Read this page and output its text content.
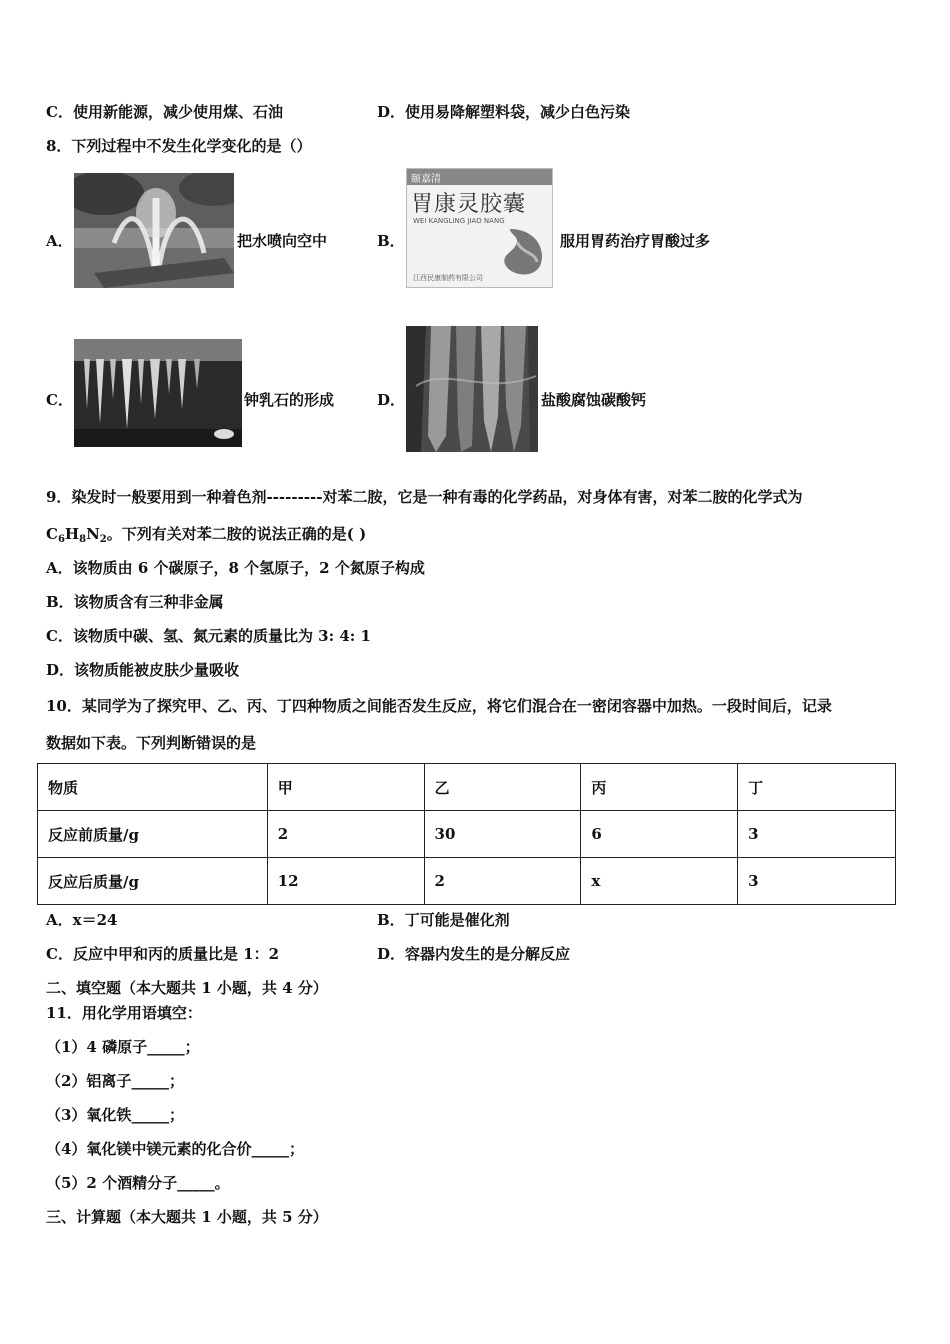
C．使用新能源，减少使用煤、石油	D．使用易降解塑料袋，减少白色污染
8．下列过程中不发生化学变化的是（）
A．	把水喷向空中	B．
颐嘉清
胃康灵胶囊
WEI KANGLING JIAO NANG
江西民康制药有限公司
服用胃药治疗胃酸过多
C．	钟乳石的形成	D．	盐酸腐蚀碳酸钙
9．染发时一般要用到一种着色剂---------对苯二胺，它是一种有毒的化学药品，对身体有害，对苯二胺的化学式为
$C_6H_8N_2$。下列有关对苯二胺的说法正确的是( )
A．该物质由 6 个碳原子，8 个氢原子，2 个氮原子构成
B．该物质含有三种非金属
C．该物质中碳、氢、氮元素的质量比为 3: 4: 1
D．该物质能被皮肤少量吸收
10．某同学为了探究甲、乙、丙、丁四种物质之间能否发生反应，将它们混合在一密闭容器中加热。一段时间后，记录
数据如下表。下列判断错误的是
物质	甲	乙	丙	丁
反应前质量/g	2	30	6	3
反应后质量/g	12	2	x	3
A．x＝24	B．丁可能是催化剂
C．反应中甲和丙的质量比是 1：2	D．容器内发生的是分解反应
二、填空题（本大题共 1 小题，共 4 分）
11．用化学用语填空：
（1）4 磷原子_____；
（2）铝离子_____；
（3）氧化铁_____；
（4）氧化镁中镁元素的化合价_____；
（5）2 个酒精分子_____。
三、计算题（本大题共 1 小题，共 5 分）
